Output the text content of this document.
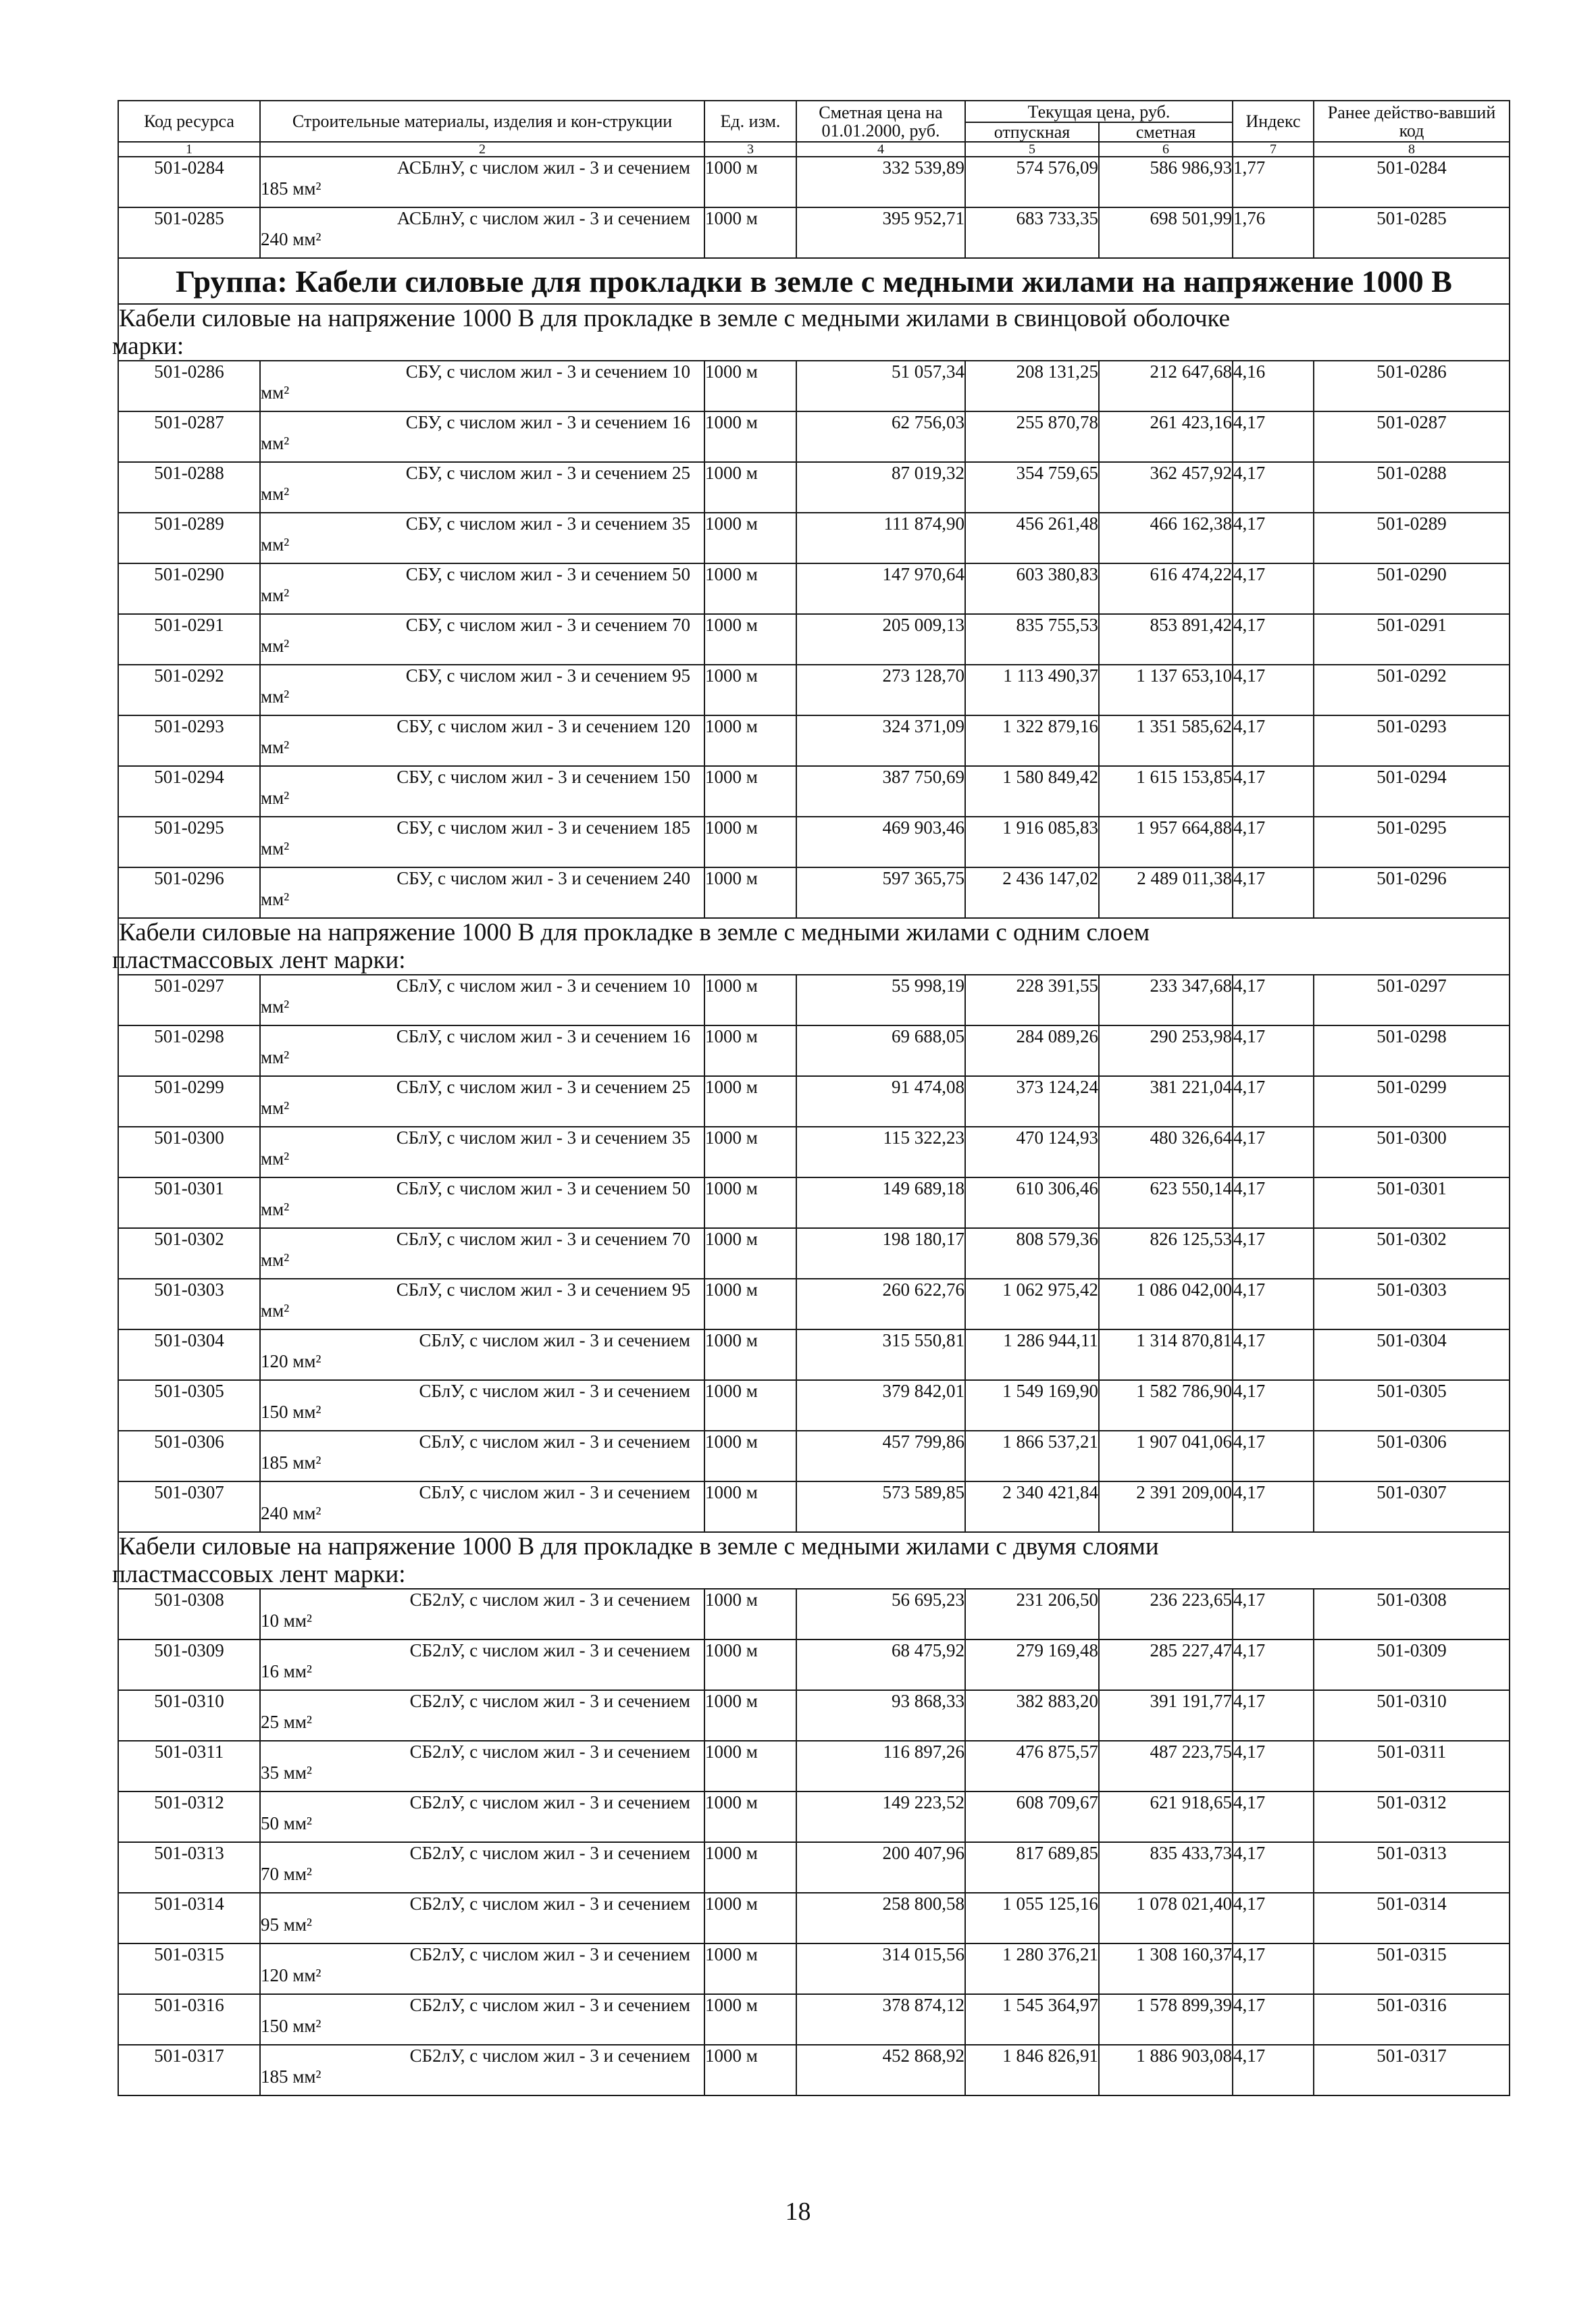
Код ресурса	Строительные материалы, изделия и кон-струкции	Ед. изм.	Сметная цена на 01.01.2000, руб.	Текущая цена, руб.		Индекс	Ранее действо-вавший код
				отпускная	сметная		
1	2	3	4	5	6	7	8
501-0284	АСБлнУ, с числом жил - 3 и сечением
185 мм²	1000 м	332 539,89	574 576,09	586 986,93	1,77	501-0284
501-0285	АСБлнУ, с числом жил - 3 и сечением
240 мм²	1000 м	395 952,71	683 733,35	698 501,99	1,76	501-0285
Группа: Кабели силовые для прокладки в земле с медными жилами на напряжение 1000 В							

Кабели силовые на напряжение 1000 В для прокладке в земле с медными жилами в свинцовой оболочке
марки:							

501-0286	СБУ, с числом жил - 3 и сечением 10
мм²	1000 м	51 057,34	208 131,25	212 647,68	4,16	501-0286
501-0287	СБУ, с числом жил - 3 и сечением 16
мм²	1000 м	62 756,03	255 870,78	261 423,16	4,17	501-0287
501-0288	СБУ, с числом жил - 3 и сечением 25
мм²	1000 м	87 019,32	354 759,65	362 457,92	4,17	501-0288
501-0289	СБУ, с числом жил - 3 и сечением 35
мм²	1000 м	111 874,90	456 261,48	466 162,38	4,17	501-0289
501-0290	СБУ, с числом жил - 3 и сечением 50
мм²	1000 м	147 970,64	603 380,83	616 474,22	4,17	501-0290
501-0291	СБУ, с числом жил - 3 и сечением 70
мм²	1000 м	205 009,13	835 755,53	853 891,42	4,17	501-0291
501-0292	СБУ, с числом жил - 3 и сечением 95
мм²	1000 м	273 128,70	1 113 490,37	1 137 653,10	4,17	501-0292
501-0293	СБУ, с числом жил - 3 и сечением 120
мм²	1000 м	324 371,09	1 322 879,16	1 351 585,62	4,17	501-0293
501-0294	СБУ, с числом жил - 3 и сечением 150
мм²	1000 м	387 750,69	1 580 849,42	1 615 153,85	4,17	501-0294
501-0295	СБУ, с числом жил - 3 и сечением 185
мм²	1000 м	469 903,46	1 916 085,83	1 957 664,88	4,17	501-0295
501-0296	СБУ, с числом жил - 3 и сечением 240
мм²	1000 м	597 365,75	2 436 147,02	2 489 011,38	4,17	501-0296

Кабели силовые на напряжение 1000 В для прокладке в земле с медными жилами с одним слоем
пластмассовых лент марки:							

501-0297	СБлУ, с числом жил - 3 и сечением 10
мм²	1000 м	55 998,19	228 391,55	233 347,68	4,17	501-0297
501-0298	СБлУ, с числом жил - 3 и сечением 16
мм²	1000 м	69 688,05	284 089,26	290 253,98	4,17	501-0298
501-0299	СБлУ, с числом жил - 3 и сечением 25
мм²	1000 м	91 474,08	373 124,24	381 221,04	4,17	501-0299
501-0300	СБлУ, с числом жил - 3 и сечением 35
мм²	1000 м	115 322,23	470 124,93	480 326,64	4,17	501-0300
501-0301	СБлУ, с числом жил - 3 и сечением 50
мм²	1000 м	149 689,18	610 306,46	623 550,14	4,17	501-0301
501-0302	СБлУ, с числом жил - 3 и сечением 70
мм²	1000 м	198 180,17	808 579,36	826 125,53	4,17	501-0302
501-0303	СБлУ, с числом жил - 3 и сечением 95
мм²	1000 м	260 622,76	1 062 975,42	1 086 042,00	4,17	501-0303
501-0304	СБлУ, с числом жил - 3 и сечением
120 мм²	1000 м	315 550,81	1 286 944,11	1 314 870,81	4,17	501-0304
501-0305	СБлУ, с числом жил - 3 и сечением
150 мм²	1000 м	379 842,01	1 549 169,90	1 582 786,90	4,17	501-0305
501-0306	СБлУ, с числом жил - 3 и сечением
185 мм²	1000 м	457 799,86	1 866 537,21	1 907 041,06	4,17	501-0306
501-0307	СБлУ, с числом жил - 3 и сечением
240 мм²	1000 м	573 589,85	2 340 421,84	2 391 209,00	4,17	501-0307

Кабели силовые на напряжение 1000 В для прокладке в земле с медными жилами с двумя слоями
пластмассовых лент марки:							

501-0308	СБ2лУ, с числом жил - 3 и сечением
10 мм²	1000 м	56 695,23	231 206,50	236 223,65	4,17	501-0308
501-0309	СБ2лУ, с числом жил - 3 и сечением
16 мм²	1000 м	68 475,92	279 169,48	285 227,47	4,17	501-0309
501-0310	СБ2лУ, с числом жил - 3 и сечением
25 мм²	1000 м	93 868,33	382 883,20	391 191,77	4,17	501-0310
501-0311	СБ2лУ, с числом жил - 3 и сечением
35 мм²	1000 м	116 897,26	476 875,57	487 223,75	4,17	501-0311
501-0312	СБ2лУ, с числом жил - 3 и сечением
50 мм²	1000 м	149 223,52	608 709,67	621 918,65	4,17	501-0312
501-0313	СБ2лУ, с числом жил - 3 и сечением
70 мм²	1000 м	200 407,96	817 689,85	835 433,73	4,17	501-0313
501-0314	СБ2лУ, с числом жил - 3 и сечением
95 мм²	1000 м	258 800,58	1 055 125,16	1 078 021,40	4,17	501-0314
501-0315	СБ2лУ, с числом жил - 3 и сечением
120 мм²	1000 м	314 015,56	1 280 376,21	1 308 160,37	4,17	501-0315
501-0316	СБ2лУ, с числом жил - 3 и сечением
150 мм²	1000 м	378 874,12	1 545 364,97	1 578 899,39	4,17	501-0316
501-0317	СБ2лУ, с числом жил - 3 и сечением
185 мм²	1000 м	452 868,92	1 846 826,91	1 886 903,08	4,17	501-0317
18
